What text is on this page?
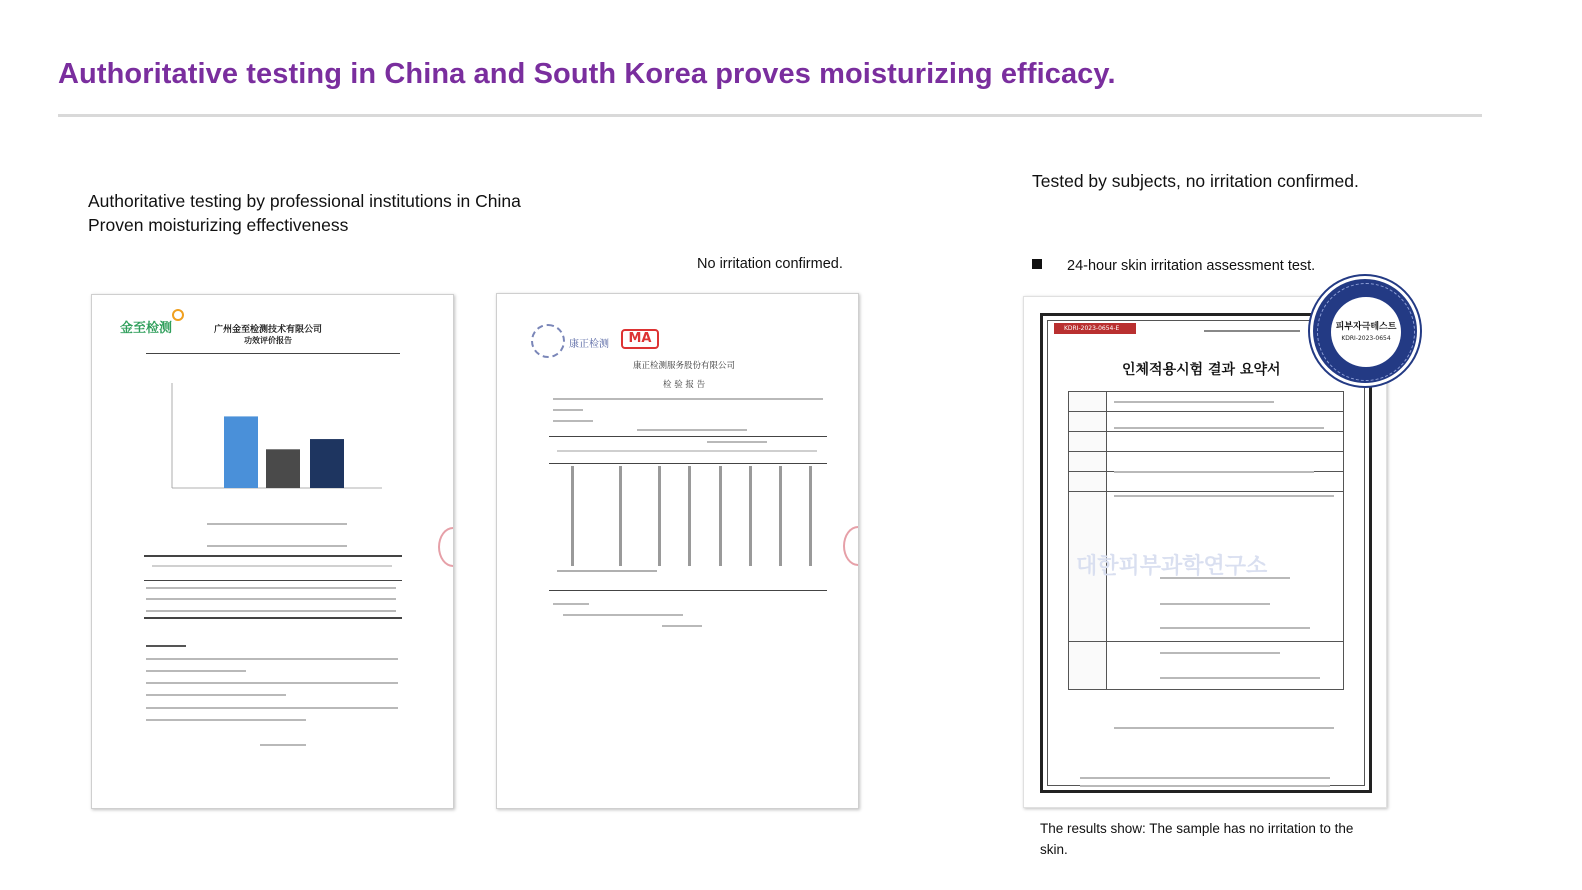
Authoritative testing in China and South Korea proves moisturizing efficacy.
Authoritative testing by professional institutions in China
Proven moisturizing effectiveness
Tested by subjects, no irritation confirmed.
No irritation confirmed.	24-hour skin irritation assessment test.
金至检测	广州金至检测技术有限公司
功效评价报告	康正检测	MA
康正检测服务股份有限公司
检 验 报 告
KDRI-2023-0654-E
인체적용시험 결과 요약서

대한피부과학연구소
피부자극테스트
KDRI-2023-0654
The results show: The sample has no irritation to the skin.
